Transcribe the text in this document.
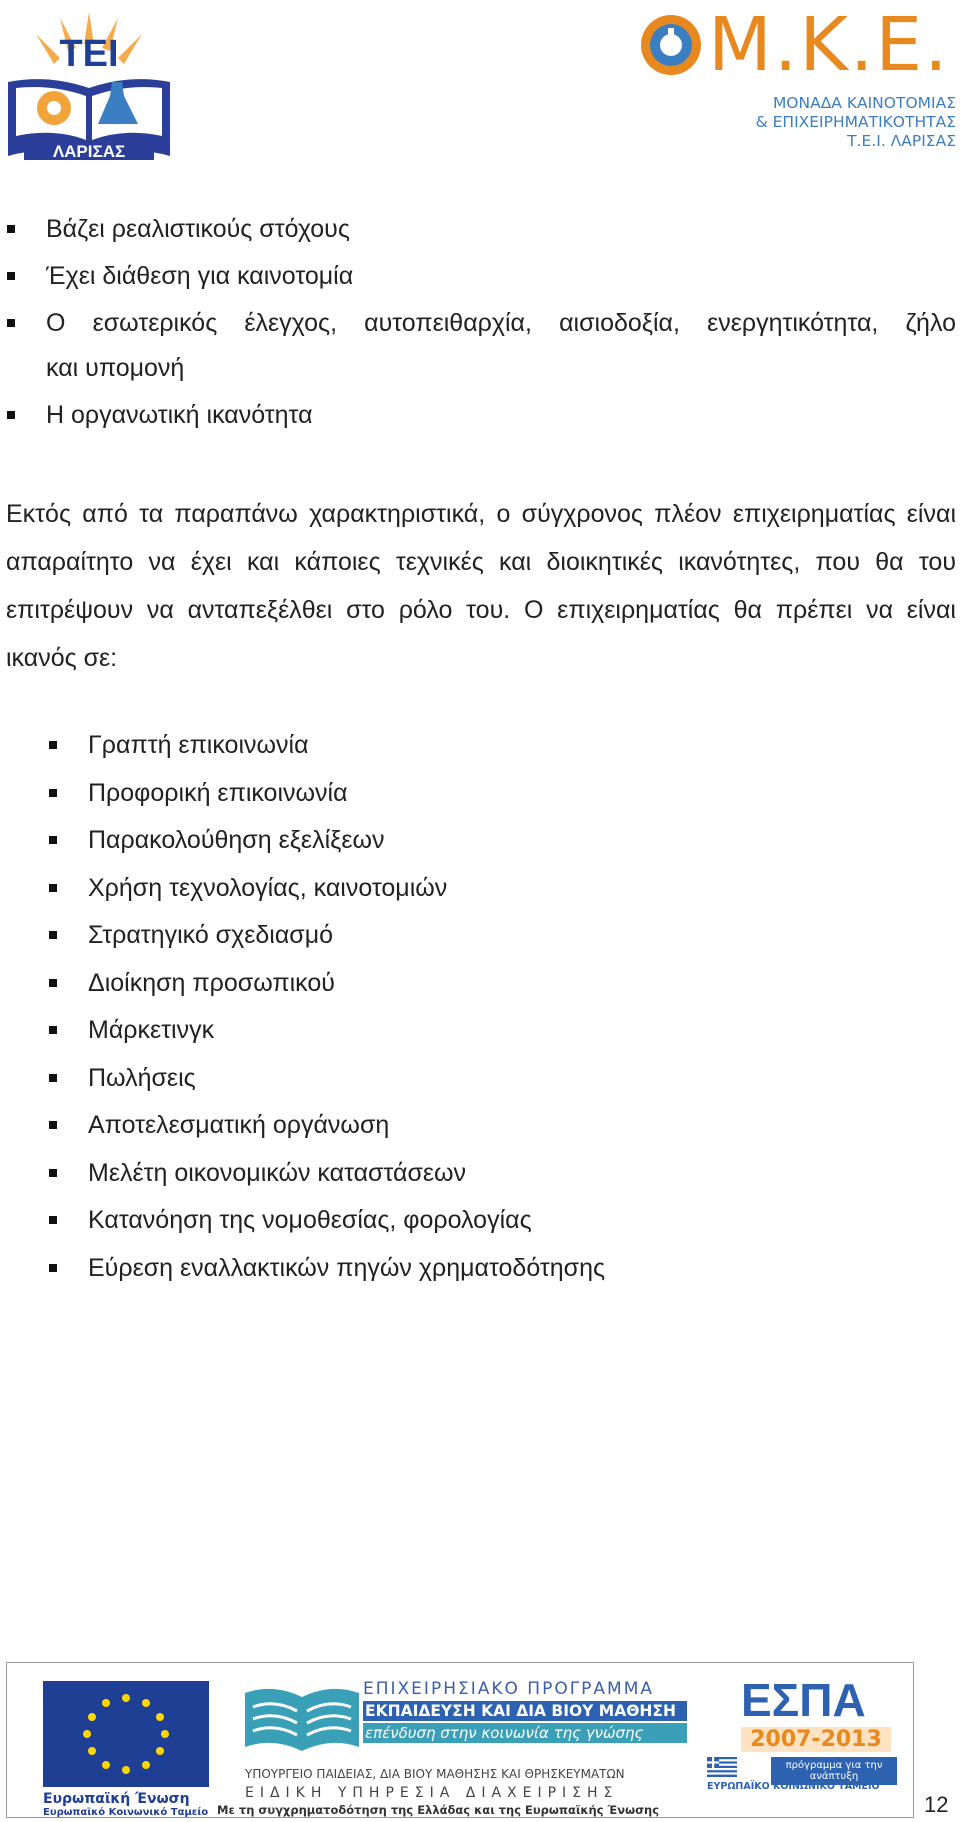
ΤΕΙ
ΛΑΡΙΣΑΣ
Μ.Κ.Ε.
ΜΟΝΑΔΑ ΚΑΙΝΟΤΟΜΙΑΣ
& ΕΠΙΧΕΙΡΗΜΑΤΙΚΟΤΗΤΑΣ
Τ.Ε.Ι. ΛΑΡΙΣΑΣ
Βάζει ρεαλιστικούς στόχους
Έχει διάθεση για καινοτομία
Ο εσωτερικός έλεγχος, αυτοπειθαρχία, αισιοδοξία, ενεργητικότητα, ζήλο
και υπομονή
Η οργανωτική ικανότητα

Εκτός από τα παραπάνω χαρακτηριστικά, ο σύγχρονος πλέον επιχειρηματίας είναι απαραίτητο να έχει και κάποιες τεχνικές και διοικητικές ικανότητες, που θα του επιτρέψουν να ανταπεξέλθει στο ρόλο του. Ο επιχειρηματίας θα πρέπει να είναι ικανός σε:

Γραπτή επικοινωνία
Προφορική επικοινωνία
Παρακολούθηση εξελίξεων
Χρήση τεχνολογίας, καινοτομιών
Στρατηγικό σχεδιασμό
Διοίκηση προσωπικού
Μάρκετινγκ
Πωλήσεις
Αποτελεσματική οργάνωση
Μελέτη οικονομικών καταστάσεων
Κατανόηση της νομοθεσίας, φορολογίας
Εύρεση εναλλακτικών πηγών χρηματοδότησης
Ευρωπαϊκή Ένωση
Ευρωπαϊκό Κοινωνικό Ταμείο
ΕΠΙΧΕΙΡΗΣΙΑΚΟ ΠΡΟΓΡΑΜΜΑ
ΕΚΠΑΙΔΕΥΣΗ ΚΑΙ ΔΙΑ ΒΙΟΥ ΜΑΘΗΣΗ
επένδυση στην κοινωνία της γνώσης
ΥΠΟΥΡΓΕΙΟ ΠΑΙΔΕΙΑΣ, ΔΙΑ ΒΙΟΥ ΜΑΘΗΣΗΣ ΚΑΙ ΘΡΗΣΚΕΥΜΑΤΩΝ
ΕΙΔΙΚΗ ΥΠΗΡΕΣΙΑ ΔΙΑΧΕΙΡΙΣΗΣ
Με τη συγχρηματοδότηση της Ελλάδας και της Ευρωπαϊκής Ένωσης
ΕΣΠΑ
2007-2013
πρόγραμμα για την ανάπτυξη
ΕΥΡΩΠΑΪΚΟ ΚΟΙΝΩΝΙΚΟ ΤΑΜΕΙΟ
12
